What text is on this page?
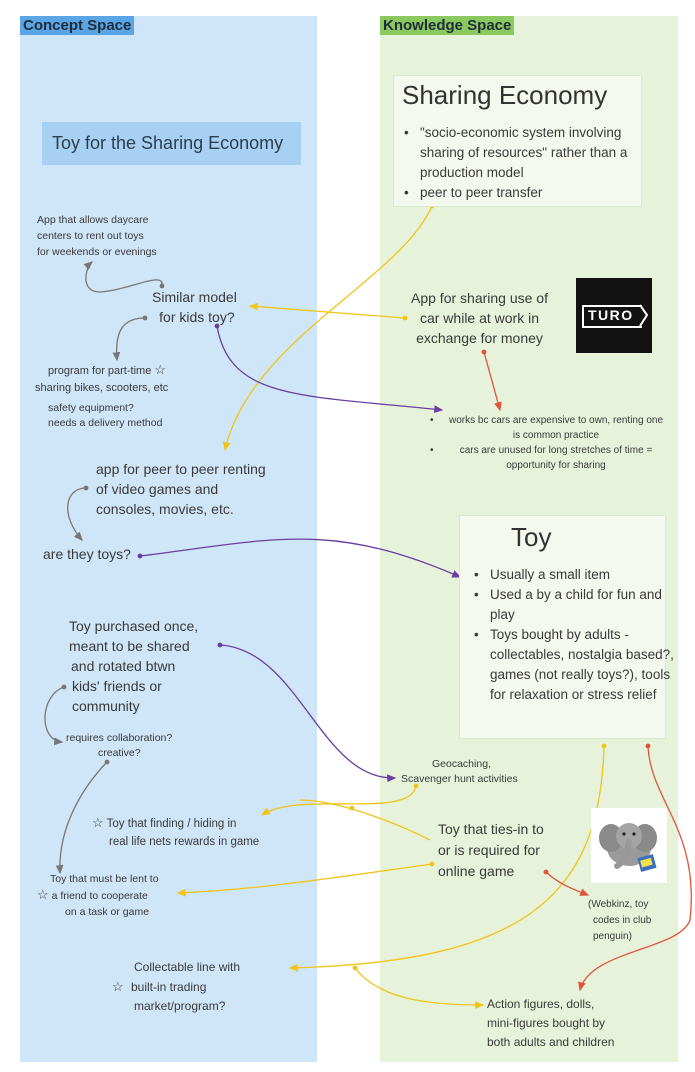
Concept Space	Knowledge Space
Toy for the Sharing Economy
App that allows daycare
centers to rent out toys
for weekends or evenings
Similar model
for kids toy?
program for part-time ☆
sharing bikes, scooters, etc
safety equipment?
needs a delivery method
app for peer to peer renting
of video games and
consoles, movies, etc.
are they toys?
Toy purchased once,
meant to be shared
and rotated btwn
kids' friends or
community
requires collaboration?
creative?
☆ Toy that finding / hiding in
real life nets rewards in game
Toy that must be lent to
☆ a friend to cooperate
on a task or game
Collectable line with
☆ built-in trading
market/program?
Sharing Economy
• "socio-economic system involving sharing of resources" rather than a production model
• peer to peer transfer
App for sharing use of
car while at work in
exchange for money
TURO
• works bc cars are expensive to own, renting one is common practice
• cars are unused for long stretches of time = opportunity for sharing
Toy
• Usually a small item
• Used a by a child for fun and play
• Toys bought by adults - collectables, nostalgia based?, games (not really toys?), tools for relaxation or stress relief
Geocaching,
Scavenger hunt activities
Toy that ties-in to
or is required for
online game
(Webkinz, toy
codes in club
penguin)
Action figures, dolls,
mini-figures bought by
both adults and children
